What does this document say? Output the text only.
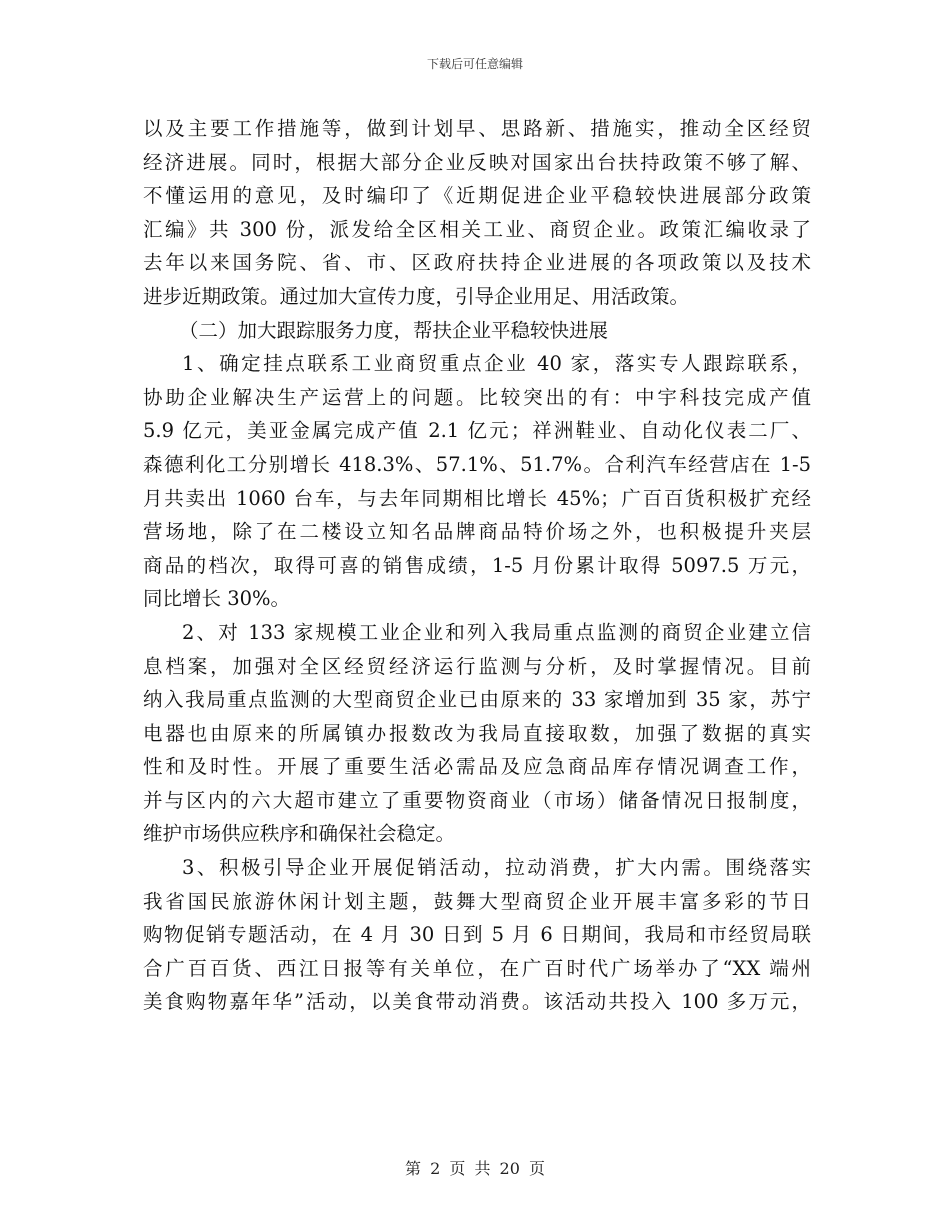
下载后可任意编辑
以及主要工作措施等，做到计划早、思路新、措施实，推动全区经贸
经济进展。同时，根据大部分企业反映对国家出台扶持政策不够了解、
不懂运用的意见，及时编印了《近期促进企业平稳较快进展部分政策
汇编》共 300 份，派发给全区相关工业、商贸企业。政策汇编收录了
去年以来国务院、省、市、区政府扶持企业进展的各项政策以及技术
进步近期政策。通过加大宣传力度，引导企业用足、用活政策。
（二）加大跟踪服务力度，帮扶企业平稳较快进展
1、确定挂点联系工业商贸重点企业 40 家，落实专人跟踪联系，
协助企业解决生产运营上的问题。比较突出的有：中宇科技完成产值
5.9 亿元，美亚金属完成产值 2.1 亿元；祥洲鞋业、自动化仪表二厂、
森德利化工分别增长 418.3%、57.1%、51.7%。合利汽车经营店在 1-5
月共卖出 1060 台车，与去年同期相比增长 45%；广百百货积极扩充经
营场地，除了在二楼设立知名品牌商品特价场之外，也积极提升夹层
商品的档次，取得可喜的销售成绩，1-5 月份累计取得 5097.5 万元，
同比增长 30%。
2、对 133 家规模工业企业和列入我局重点监测的商贸企业建立信
息档案，加强对全区经贸经济运行监测与分析，及时掌握情况。目前
纳入我局重点监测的大型商贸企业已由原来的 33 家增加到 35 家，苏宁
电器也由原来的所属镇办报数改为我局直接取数，加强了数据的真实
性和及时性。开展了重要生活必需品及应急商品库存情况调查工作，
并与区内的六大超市建立了重要物资商业（市场）储备情况日报制度，
维护市场供应秩序和确保社会稳定。
3、积极引导企业开展促销活动，拉动消费，扩大内需。围绕落实
我省国民旅游休闲计划主题，鼓舞大型商贸企业开展丰富多彩的节日
购物促销专题活动，在 4 月 30 日到 5 月 6 日期间，我局和市经贸局联
合广百百货、西江日报等有关单位，在广百时代广场举办了“XX 端州
美食购物嘉年华”活动，以美食带动消费。该活动共投入 100 多万元，
第 2 页 共 20 页
